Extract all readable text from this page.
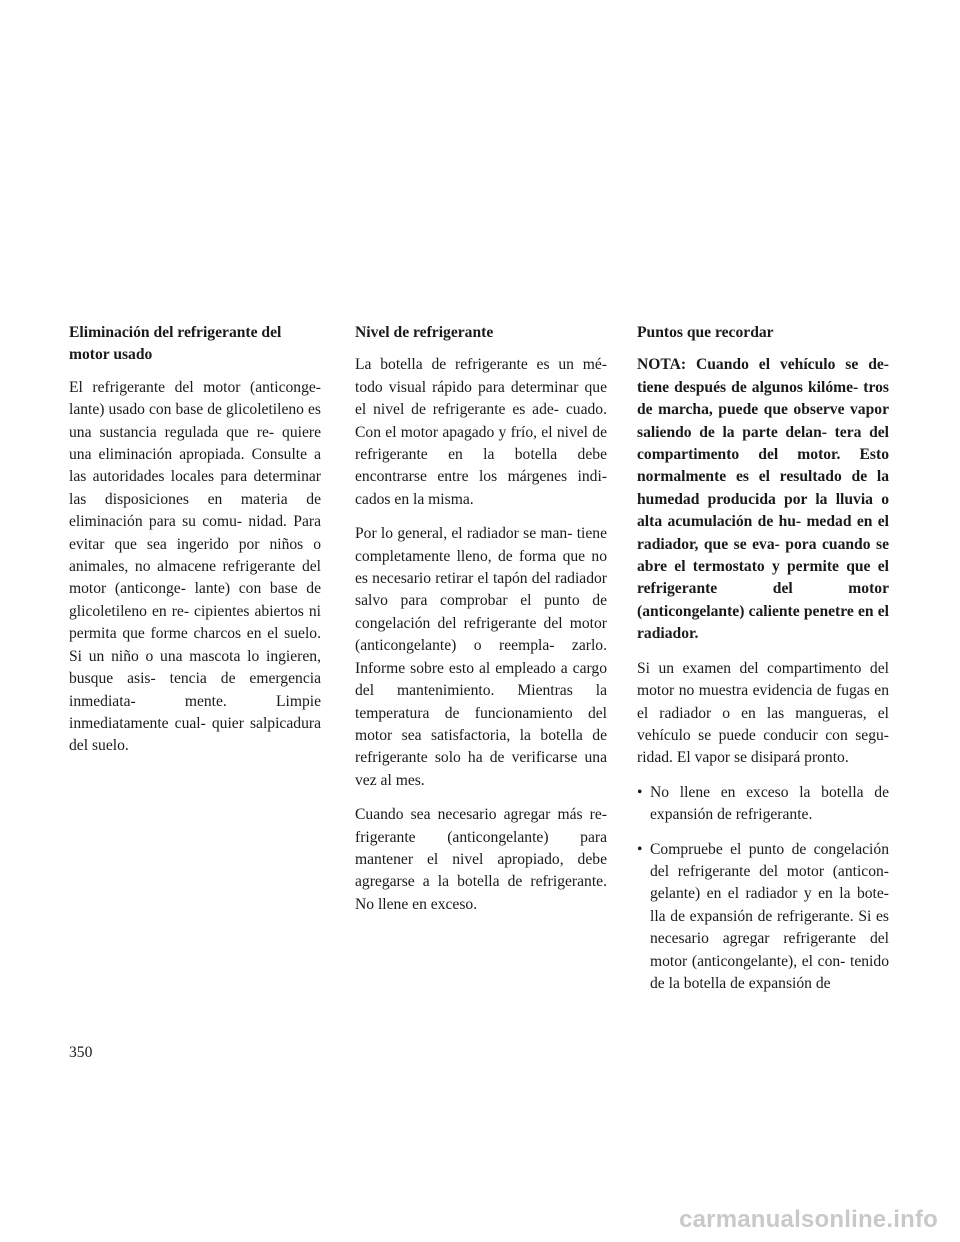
Eliminación del refrigerante del motor usado

El refrigerante del motor (anticonge- lante) usado con base de glicoletileno es una sustancia regulada que re- quiere una eliminación apropiada. Consulte a las autoridades locales para determinar las disposiciones en materia de eliminación para su comu- nidad. Para evitar que sea ingerido por niños o animales, no almacene refrigerante del motor (anticonge- lante) con base de glicoletileno en re- cipientes abiertos ni permita que forme charcos en el suelo. Si un niño o una mascota lo ingieren, busque asis- tencia de emergencia inmediata- mente. Limpie inmediatamente cual- quier salpicadura del suelo.

Nivel de refrigerante

La botella de refrigerante es un mé- todo visual rápido para determinar que el nivel de refrigerante es ade- cuado. Con el motor apagado y frío, el nivel de refrigerante en la botella debe encontrarse entre los márgenes indi- cados en la misma.

Por lo general, el radiador se man- tiene completamente lleno, de forma que no es necesario retirar el tapón del radiador salvo para comprobar el punto de congelación del refrigerante del motor (anticongelante) o reempla- zarlo. Informe sobre esto al empleado a cargo del mantenimiento. Mientras la temperatura de funcionamiento del motor sea satisfactoria, la botella de refrigerante solo ha de verificarse una vez al mes.

Cuando sea necesario agregar más re- frigerante (anticongelante) para mantener el nivel apropiado, debe agregarse a la botella de refrigerante. No llene en exceso.

Puntos que recordar

NOTA: Cuando el vehículo se de- tiene después de algunos kilóme- tros de marcha, puede que observe vapor saliendo de la parte delan- tera del compartimento del motor. Esto normalmente es el resultado de la humedad producida por la lluvia o alta acumulación de hu- medad en el radiador, que se eva- pora cuando se abre el termostato y permite que el refrigerante del motor (anticongelante) caliente penetre en el radiador.

Si un examen del compartimento del motor no muestra evidencia de fugas en el radiador o en las mangueras, el vehículo se puede conducir con segu- ridad. El vapor se disipará pronto.

• No llene en exceso la botella de expansión de refrigerante.
• Compruebe el punto de congelación del refrigerante del motor (anticon- gelante) en el radiador y en la bote- lla de expansión de refrigerante. Si es necesario agregar refrigerante del motor (anticongelante), el con- tenido de la botella de expansión de
350
carmanualsonline.info
